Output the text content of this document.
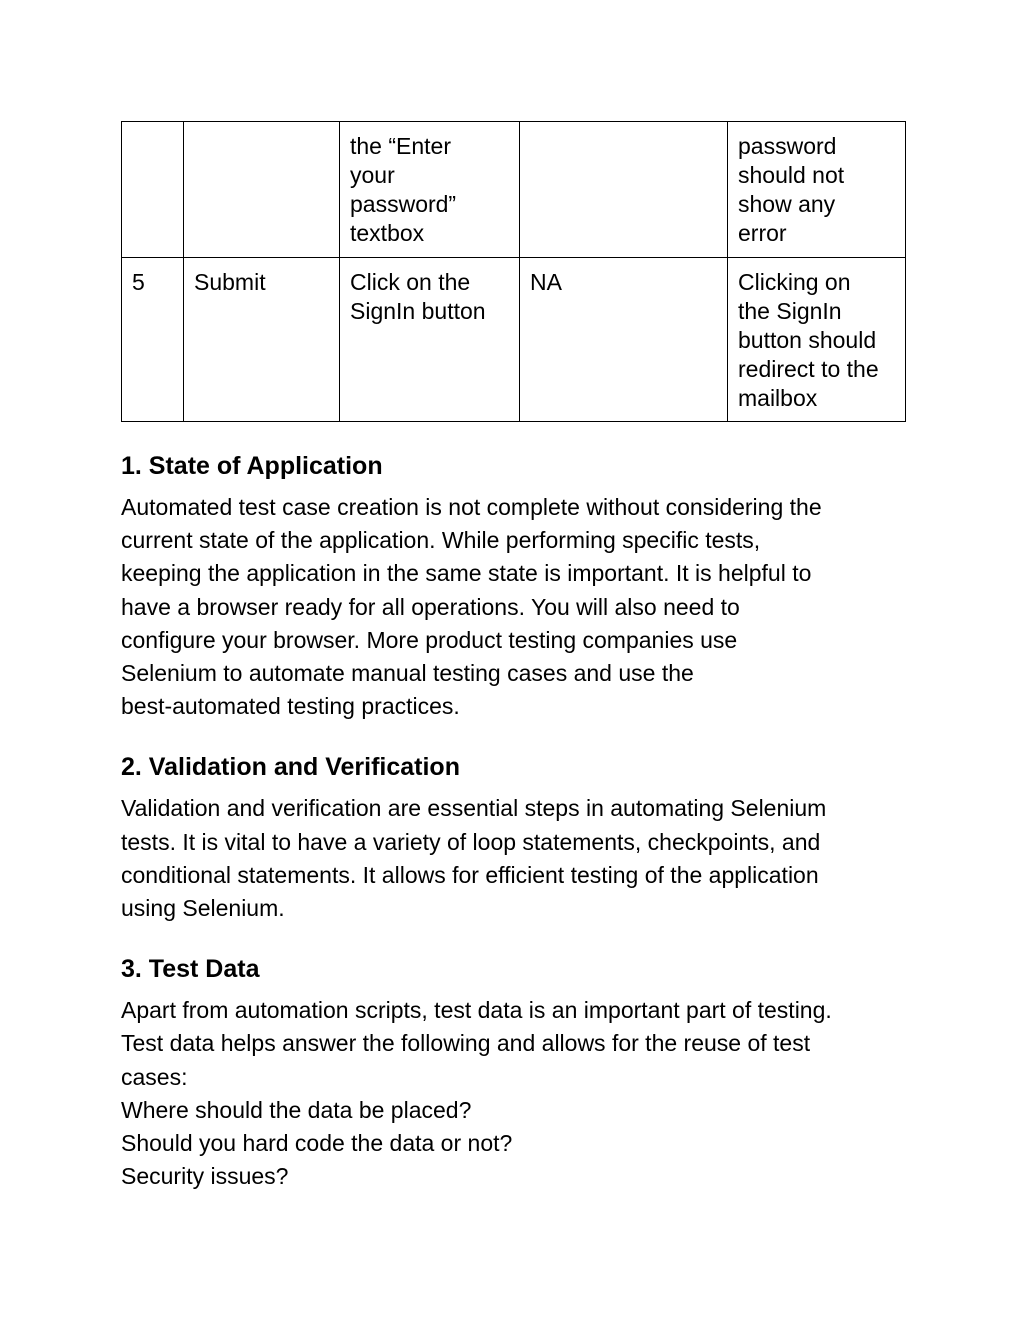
		the “Enter
your
password”
textbox		password
should not
show any
error

5	Submit	Click on the
SignIn button	NA	Clicking on
the SignIn
button should
redirect to the
mailbox
1. State of Application
Automated test case creation is not complete without considering the
current state of the application. While performing specific tests,
keeping the application in the same state is important. It is helpful to
have a browser ready for all operations. You will also need to
configure your browser. More product testing companies use
Selenium to automate manual testing cases and use the
best-automated testing practices.
2. Validation and Verification
Validation and verification are essential steps in automating Selenium
tests. It is vital to have a variety of loop statements, checkpoints, and
conditional statements. It allows for efficient testing of the application
using Selenium.
3. Test Data
Apart from automation scripts, test data is an important part of testing.
Test data helps answer the following and allows for the reuse of test
cases:
Where should the data be placed?
Should you hard code the data or not?
Security issues?
